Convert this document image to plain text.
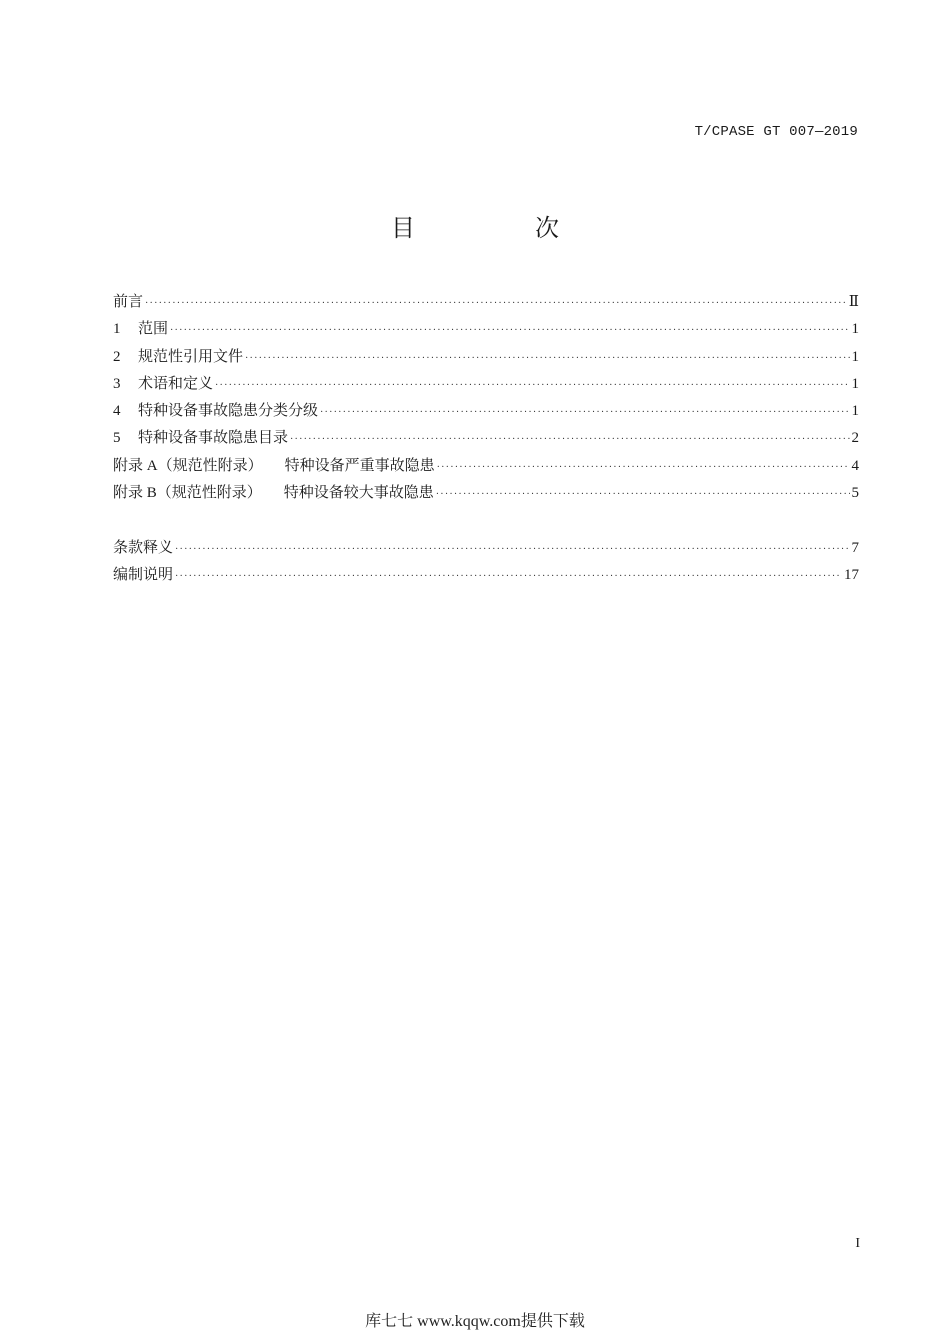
T/CPASE GT 007—2019
目　次
前言 ·····	Ⅱ
1	范围 ·····	1
2	规范性引用文件 ·····	1
3	术语和定义 ·····	1
4	特种设备事故隐患分类分级 ·····	1
5	特种设备事故隐患目录 ·····	2
附录 A（规范性附录） 特种设备严重事故隐患 ·····	4
附录 B（规范性附录） 特种设备较大事故隐患 ·····	5
条款释义 ·····	7
编制说明 ·····	17
I
库七七 www.kqqw.com提供下载
